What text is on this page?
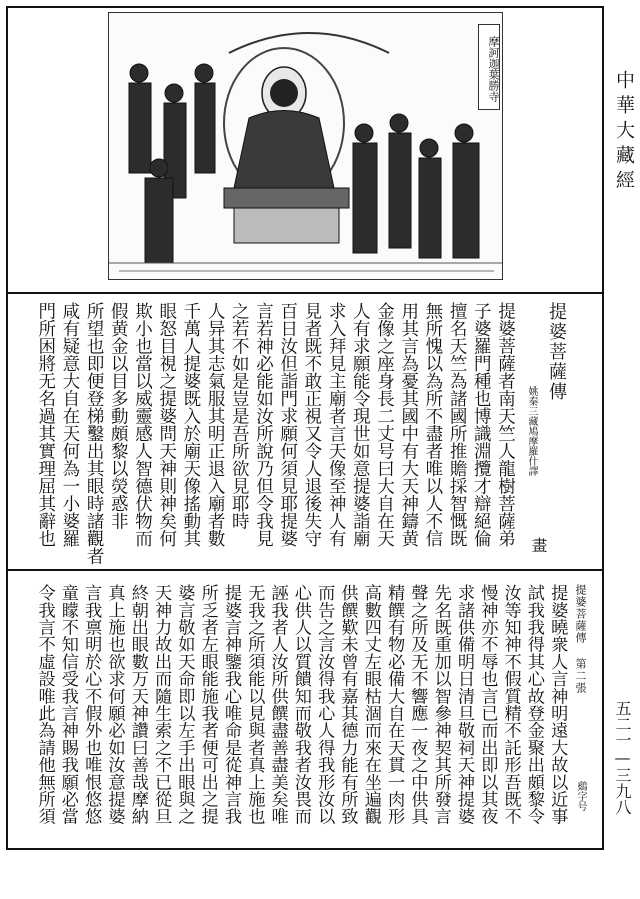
摩訶迦葉勝寺
提婆菩薩傳
姚秦三藏鳩摩羅什譯
畫
提婆菩薩傳 第二張
鷄字号
中華大藏經
五二一—三九八
提婆菩薩者南天竺人龍樹菩薩弟
子婆羅門種也博識淵攬才辯絕倫
擅名天竺為諸國所推贍採智慨既
無所愧以為所不盡者唯以人不信
用其言為憂其國中有大天神鑄黄
金像之座身長二丈号曰大自在天
人有求願能令現世如意提婆詣廟
求入拜見主廟者言天像至神人有
見者既不敢正視又令人退後失守
百日汝但詣門求願何須見耶提婆
言若神必能如汝所說乃但令我見
之若不如是豈是吾所欲見耶時
人异其志氣服其明正退入廟者數
千萬人提婆既入於廟天像搖動其
眼怒目視之提婆問天神則神矣何
欺小也當以威靈感人智德伏物而
假黄金以目多動頗黎以熒惑非
所望也即便登梯鑿出其眼時諸觀者
咸有疑意大自在天何為一小婆羅
門所困將无名過其實理屈其辭也
提婆曉衆人言神明遠大故以近事
試我我得其心故登金聚出頗黎令
汝等知神不假質精不託形吾既不
慢神亦不辱也言已而出即以其夜
求諸供備明日清旦敬祠天神提婆
先名既重加以智參神契其所發言
聲之所及无不響應一夜之中供具
精饌有物必備大自在天貫一肉形
高數四丈左眼枯涸而來在坐遍觀
供饌歎未曾有嘉其德力能有所致
而告之言汝得我心人得我形汝以
心供人以質饋知而敬我者汝畏而
誣我者人汝所供饌盡善盡美矣唯
无我之所須能以見與者真上施也
提婆言神鑒我心唯命是從神言我
所乏者左眼能施我者便可出之提
婆言敬如天命即以左手出眼與之
天神力故出而隨生索之不已從旦
終朝出眼數万天神讚曰善哉摩納
真上施也欲求何願必如汝意提婆
言我禀明於心不假外也唯恨悠悠
童矇不知信受我言神賜我願必當
令我言不虛設唯此為請他無所須
